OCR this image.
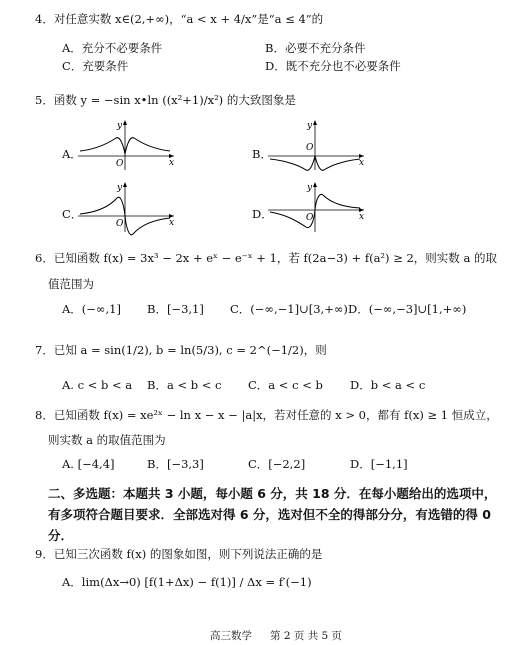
4．对任意实数 x∈(2,+∞)，“a < x + 4/x”是“a ≤ 4”的
A．充分不必要条件	B．必要不充分条件
C．充要条件	D．既不充分也不必要条件
5．函数 y = −sin x•ln ((x²+1)/x²) 的大致图象是
A．	B．
C．	D．
y
x
O
y
x
O
y
x
O
y
x
O
6．已知函数 f(x) = 3x³ − 2x + eˣ − e⁻ˣ + 1，若 f(2a−3) + f(a²) ≥ 2，则实数 a 的取
值范围为
A．(−∞,1] B．[−3,1] C．(−∞,−1]∪[3,+∞) D．(−∞,−3]∪[1,+∞)
7．已知 a = sin(1/2), b = ln(5/3), c = 2^(−1/2)，则
A. c < b < a B．a < b < c C．a < c < b D．b < a < c
8．已知函数 f(x) = xe²ˣ − ln x − x − |a|x，若对任意的 x > 0，都有 f(x) ≥ 1 恒成立，
则实数 a 的取值范围为
A. [−4,4]	B．[−3,3]	C．[−2,2]	D．[−1,1]
二、多选题：本题共 3 小题，每小题 6 分，共 18 分．在每小题给出的选项中，有多项符合题目要求．全部选对得 6 分，选对但不全的得部分分，有选错的得 0 分．
9．已知三次函数 f(x) 的图象如图，则下列说法正确的是
A．lim(Δx→0) [f(1+Δx) − f(1)] / Δx = f′(−1)
高三数学 第 2 页 共 5 页
